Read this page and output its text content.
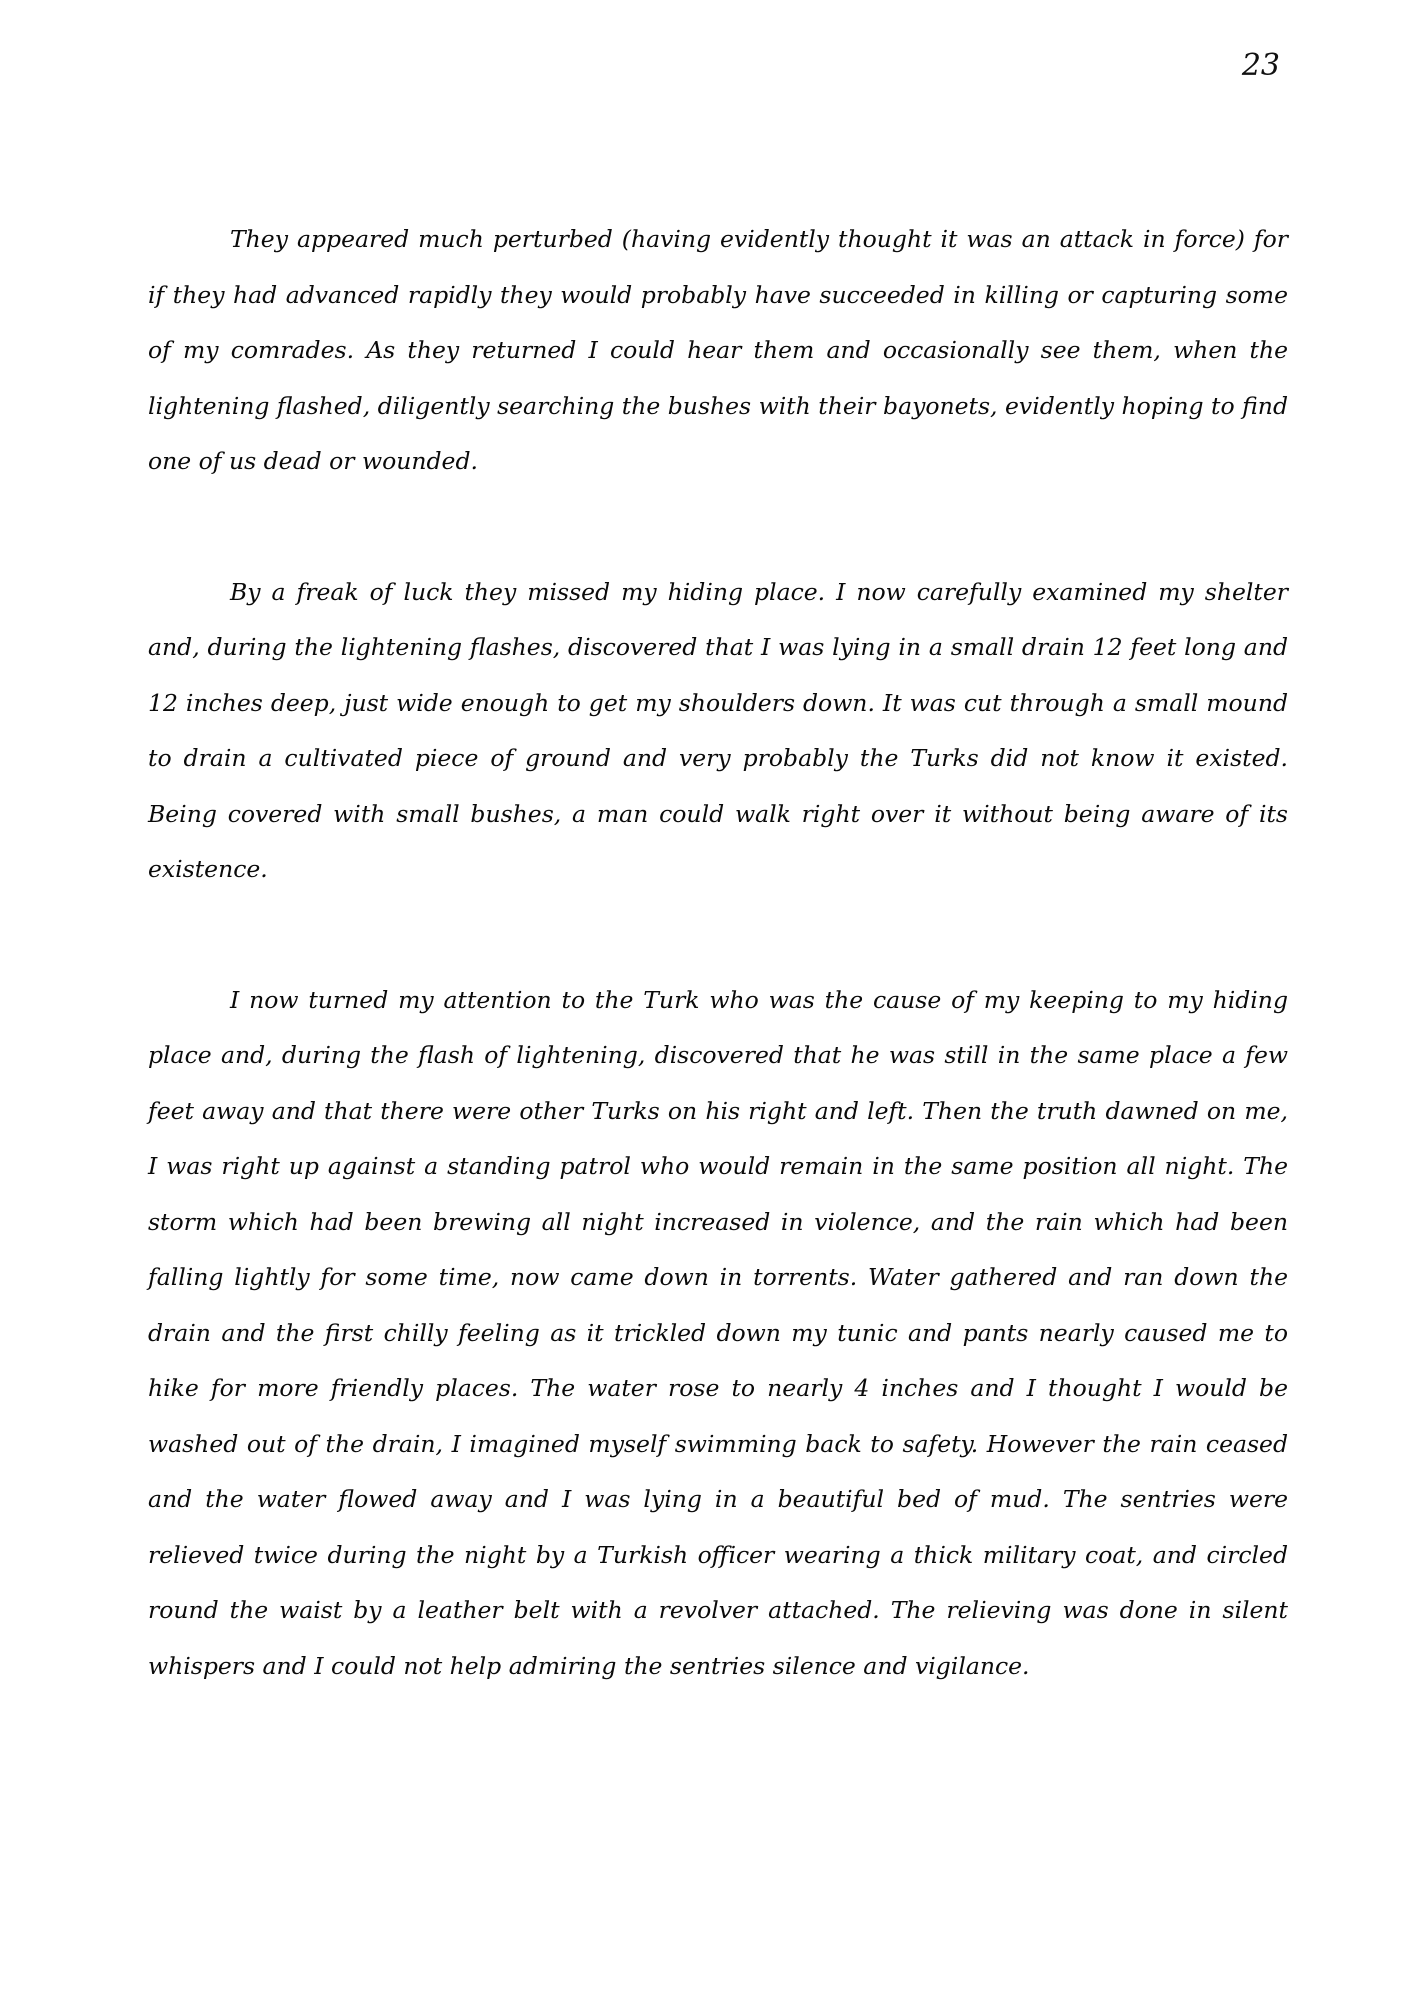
23

They appeared much perturbed (having evidently thought it was an attack in force) for if they had advanced rapidly they would probably have succeeded in killing or capturing some of my comrades. As they returned I could hear them and occasionally see them, when the lightening flashed, diligently searching the bushes with their bayonets, evidently hoping to find one of us dead or wounded.

By a freak of luck they missed my hiding place. I now carefully examined my shelter and, during the lightening flashes, discovered that I was lying in a small drain 12 feet long and 12 inches deep, just wide enough to get my shoulders down. It was cut through a small mound to drain a cultivated piece of ground and very probably the Turks did not know it existed. Being covered with small bushes, a man could walk right over it without being aware of its existence.

I now turned my attention to the Turk who was the cause of my keeping to my hiding place and, during the flash of lightening, discovered that he was still in the same place a few feet away and that there were other Turks on his right and left. Then the truth dawned on me, I was right up against a standing patrol who would remain in the same position all night. The storm which had been brewing all night increased in violence, and the rain which had been falling lightly for some time, now came down in torrents. Water gathered and ran down the drain and the first chilly feeling as it trickled down my tunic and pants nearly caused me to hike for more friendly places. The water rose to nearly 4 inches and I thought I would be washed out of the drain, I imagined myself swimming back to safety. However the rain ceased and the water flowed away and I was lying in a beautiful bed of mud. The sentries were relieved twice during the night by a Turkish officer wearing a thick military coat, and circled round the waist by a leather belt with a revolver attached. The relieving was done in silent whispers and I could not help admiring the sentries silence and vigilance.
